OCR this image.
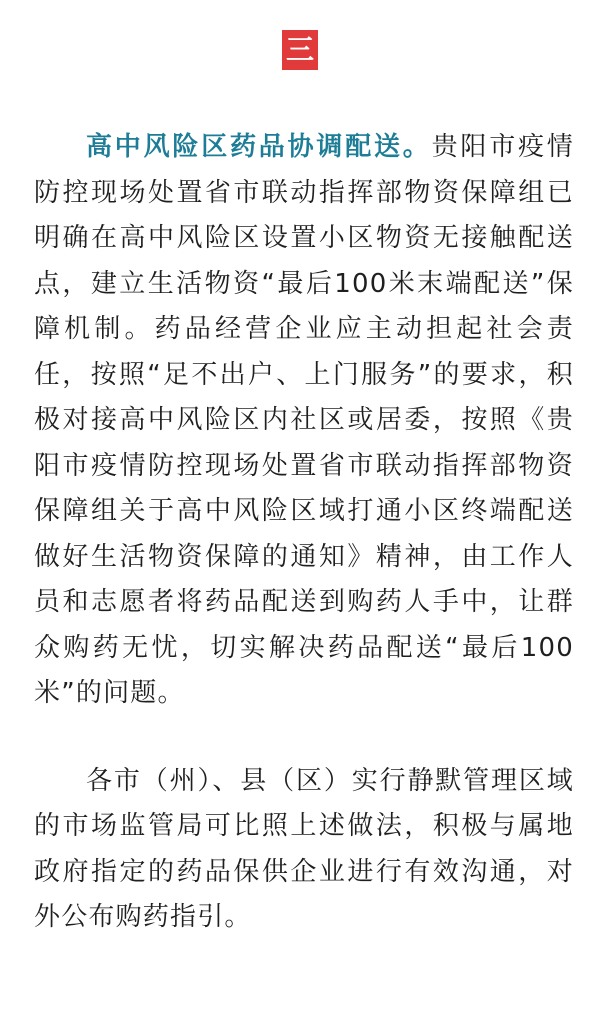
三

高中风险区药品协调配送。贵阳市疫情防控现场处置省市联动指挥部物资保障组已明确在高中风险区设置小区物资无接触配送点，建立生活物资“最后100米末端配送”保障机制。药品经营企业应主动担起社会责任，按照“足不出户、上门服务”的要求，积极对接高中风险区内社区或居委，按照《贵阳市疫情防控现场处置省市联动指挥部物资保障组关于高中风险区域打通小区终端配送做好生活物资保障的通知》精神，由工作人员和志愿者将药品配送到购药人手中，让群众购药无忧，切实解决药品配送“最后100米”的问题。

各市（州）、县（区）实行静默管理区域的市场监管局可比照上述做法，积极与属地政府指定的药品保供企业进行有效沟通，对外公布购药指引。
